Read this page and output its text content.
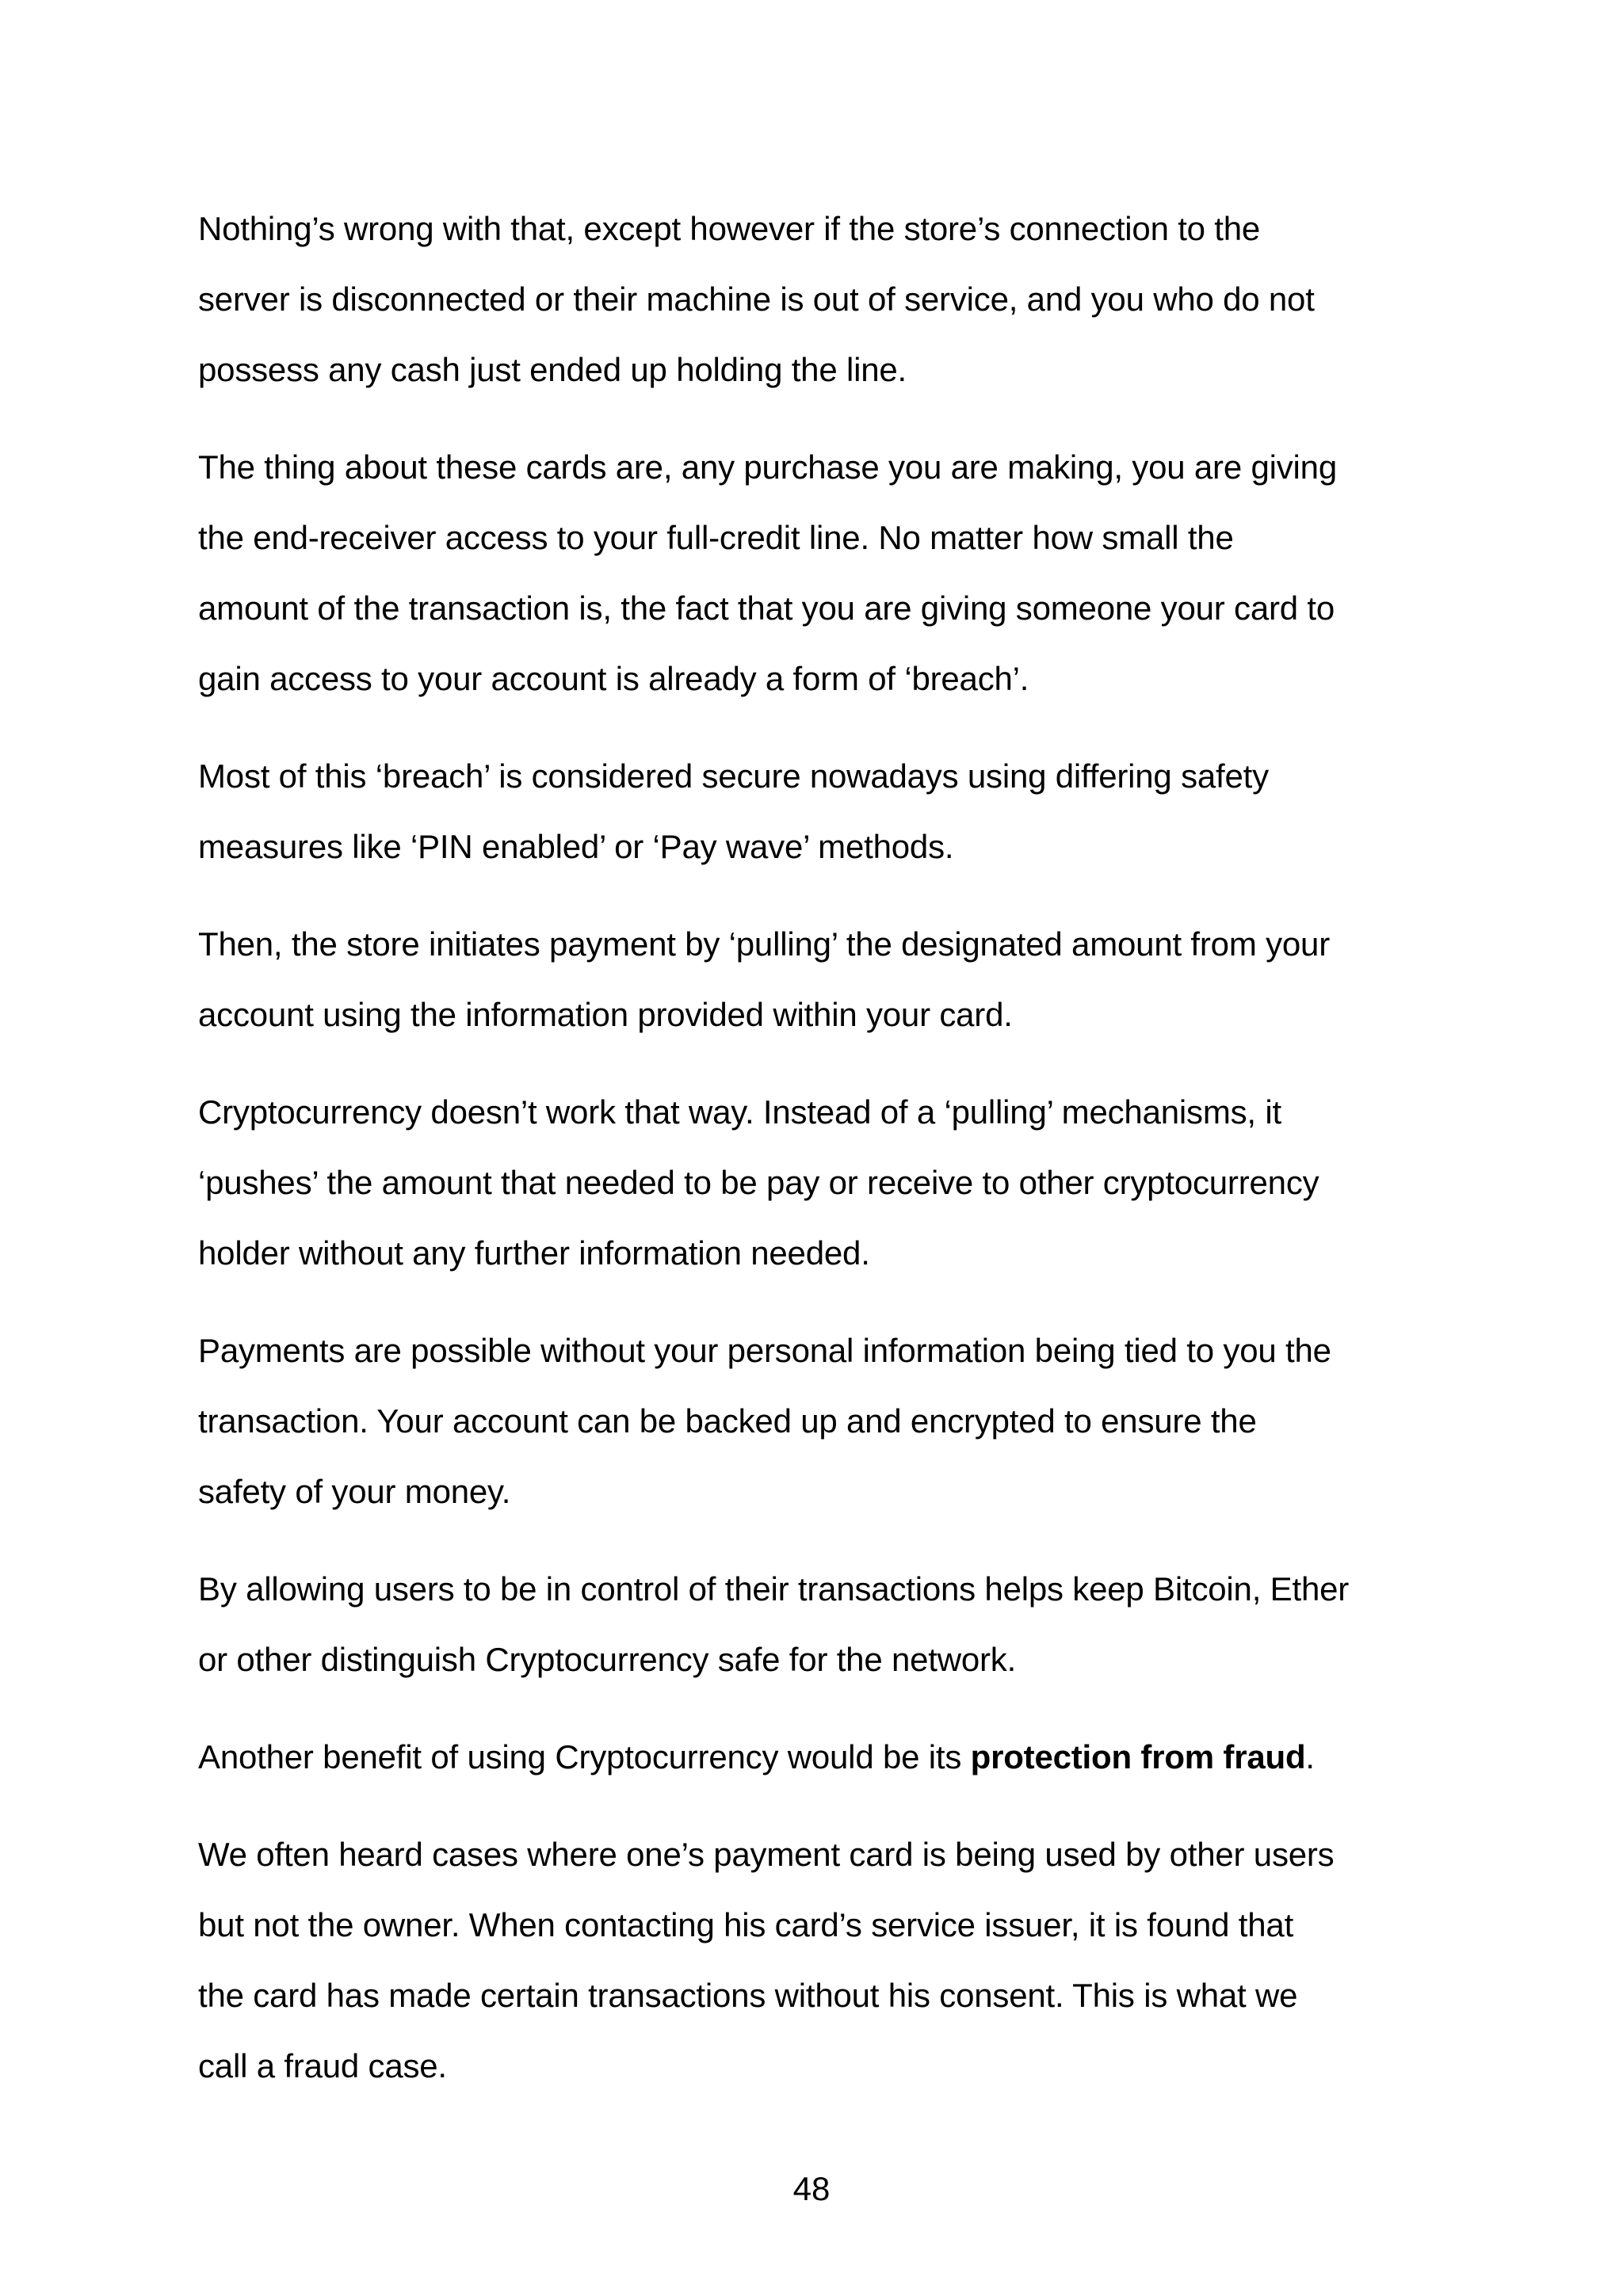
Nothing’s wrong with that, except however if the store’s connection to the
server is disconnected or their machine is out of service, and you who do not
possess any cash just ended up holding the line.

The thing about these cards are, any purchase you are making, you are giving
the end-receiver access to your full-credit line. No matter how small the
amount of the transaction is, the fact that you are giving someone your card to
gain access to your account is already a form of ‘breach’.

Most of this ‘breach’ is considered secure nowadays using differing safety
measures like ‘PIN enabled’ or ‘Pay wave’ methods.

Then, the store initiates payment by ‘pulling’ the designated amount from your
account using the information provided within your card.

Cryptocurrency doesn’t work that way. Instead of a ‘pulling’ mechanisms, it
‘pushes’ the amount that needed to be pay or receive to other cryptocurrency
holder without any further information needed.

Payments are possible without your personal information being tied to you the
transaction. Your account can be backed up and encrypted to ensure the
safety of your money.

By allowing users to be in control of their transactions helps keep Bitcoin, Ether
or other distinguish Cryptocurrency safe for the network.

Another benefit of using Cryptocurrency would be its protection from fraud.

We often heard cases where one’s payment card is being used by other users
but not the owner. When contacting his card’s service issuer, it is found that
the card has made certain transactions without his consent. This is what we
call a fraud case.

48
